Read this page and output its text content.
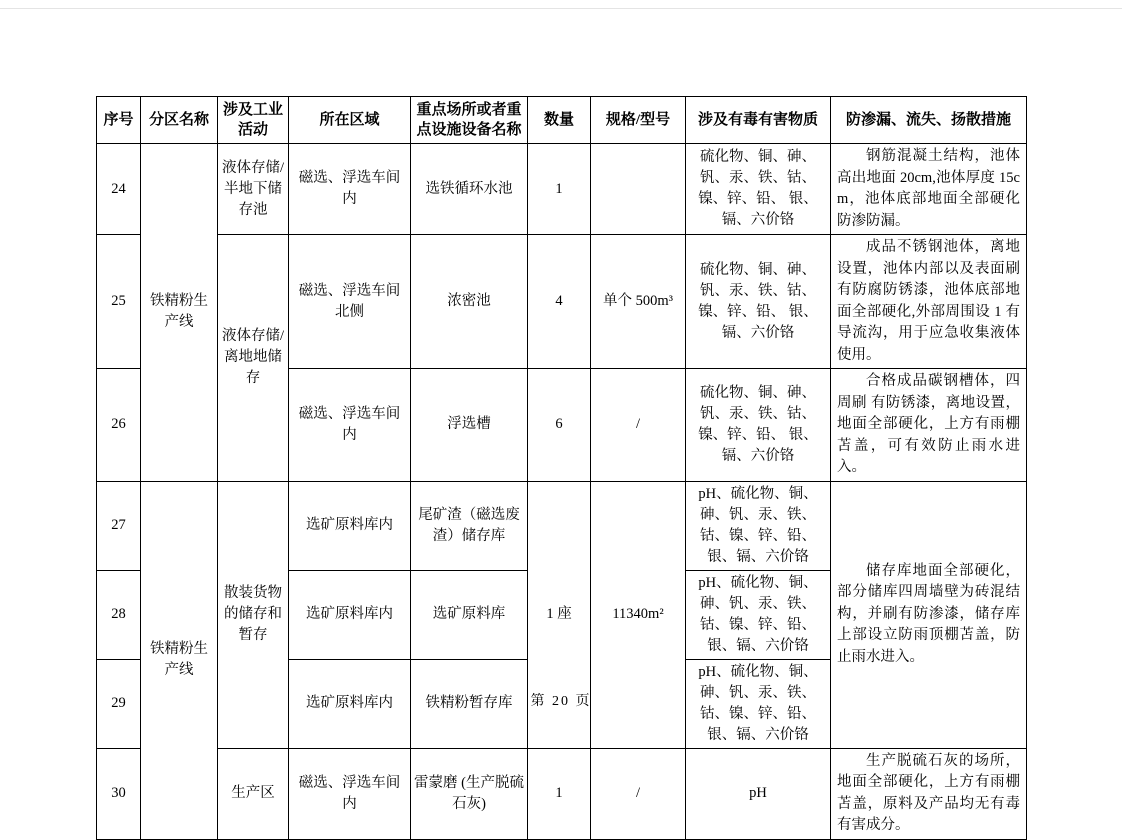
序号	分区名称	涉及工业活动	所在区域	重点场所或者重点设施设备名称	数量	规格/型号	涉及有毒有害物质	防渗漏、流失、扬散措施
24	铁精粉生产线	液体存储/半地下储存池	磁选、浮选车间内	选铁循环水池	1		硫化物、铜、砷、钒、汞、铁、钴、镍、锌、铅、 银、镉、六价铬	钢筋混凝土结构，池体高出地面 20cm,池体厚度 15cm，池体底部地面全部硬化防渗防漏。
25		液体存储/离地地储存	磁选、浮选车间北侧	浓密池	4	单个 500m³	硫化物、铜、砷、钒、汞、铁、钴、镍、锌、铅、 银、镉、六价铬	成品不锈钢池体，离地设置，池体内部以及表面刷有防腐防锈漆，池体底部地面全部硬化,外部周围设 1 有导流沟，用于应急收集液体使用。
26			磁选、浮选车间内	浮选槽	6	/	硫化物、铜、砷、钒、汞、铁、钴、镍、锌、铅、 银、镉、六价铬	合格成品碳钢槽体，四周刷 有防锈漆，离地设置，地面全部硬化，上方有雨棚苫盖，可有效防止雨水进入。
27	铁精粉生产线	散装货物的储存和暂存	选矿原料库内	尾矿渣（磁选废渣）储存库	1 座	11340m²	pH、硫化物、铜、砷、钒、汞、铁、钴、镍、锌、铅、 银、镉、六价铬	储存库地面全部硬化，部分储库四周墙壁为砖混结构，并刷有防渗漆，储存库上部设立防雨顶棚苫盖，防止雨水进入。
28			选矿原料库内	选矿原料库			pH、硫化物、铜、砷、钒、汞、铁、钴、镍、锌、铅、 银、镉、六价铬	
29			选矿原料库内	铁精粉暂存库			pH、硫化物、铜、砷、钒、汞、铁、钴、镍、锌、铅、 银、镉、六价铬	
30		生产区	磁选、浮选车间内	雷蒙磨 (生产脱硫石灰)	1	/	pH	生产脱硫石灰的场所，地面全部硬化，上方有雨棚苫盖，原料及产品均无有毒有害成分。
第 20 页
